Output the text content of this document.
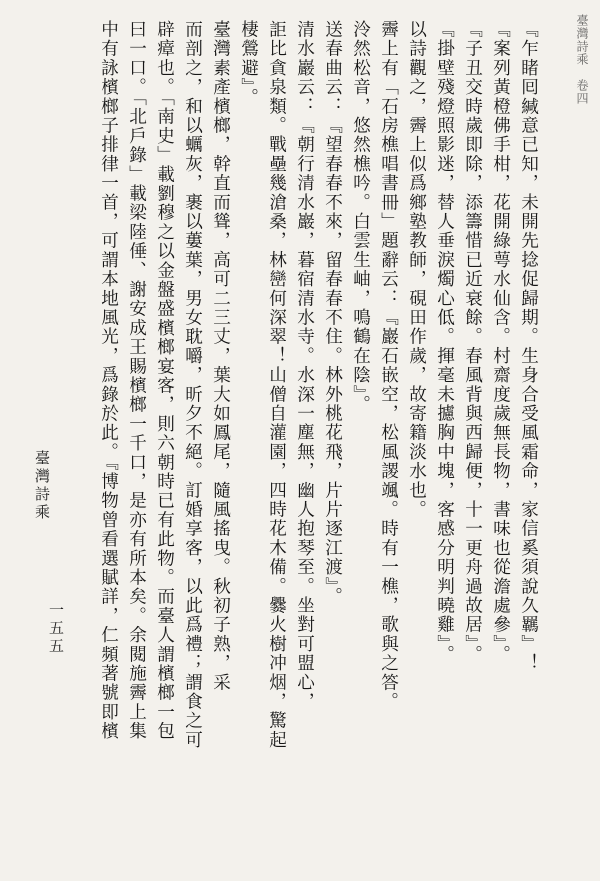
臺灣詩乘　卷四
『乍睹囘緘意已知，未開先捻促歸期。生身合受風霜命，家信奚須說久羈』！
『案列黃橙佛手柑，花開綠萼水仙含。村齋度歲無長物，書味也從澹處參』。
『子丑交時歲即除，添籌惜已近衰餘。春風背與西歸便，十一更舟過故居』。
『掛壁殘燈照影迷，替人垂淚燭心低。揮毫未攄胸中塊，客感分明判曉雞』。
以詩觀之，霽上似爲鄉塾教師，硯田作歲，故寄籍淡水也。
霽上有「石房樵唱書冊」題辭云：『巖石嵌空，松風謖颯。時有一樵，歌與之答。
泠然松音，悠然樵吟。白雲生岫，鳴鶴在陰』。
送春曲云：『望春春不來，留春春不住。林外桃花飛，片片逐江渡』。
清水巖云：『朝行清水巖，暮宿清水寺。水深一塵無，幽人抱琴至。坐對可盟心，
詎比貪泉類。戰壘幾滄桑，林巒何深翠！山僧自灌園，四時花木備。爨火樹冲烟，驚起
棲鶯避』。
臺灣素產檳榔，幹直而聳，高可二三丈，葉大如鳳尾，隨風搖曳。秋初子熟，采
而剖之，和以蠣灰，裹以蔞葉，男女耽嚼，昕夕不絕。訂婚享客，以此爲禮；謂食之可
辟瘴也。「南史」載劉穆之以金盤盛檳榔宴客，則六朝時已有此物。而臺人謂檳榔一包
曰一口。「北戶錄」載梁陸倕、謝安成王賜檳榔一千口，是亦有所本矣。余閱施霽上集
中有詠檳榔子排律一首，可謂本地風光，爲錄於此。『博物曾看選賦詳，仁頻著號即檳
臺灣詩乘
一五五
